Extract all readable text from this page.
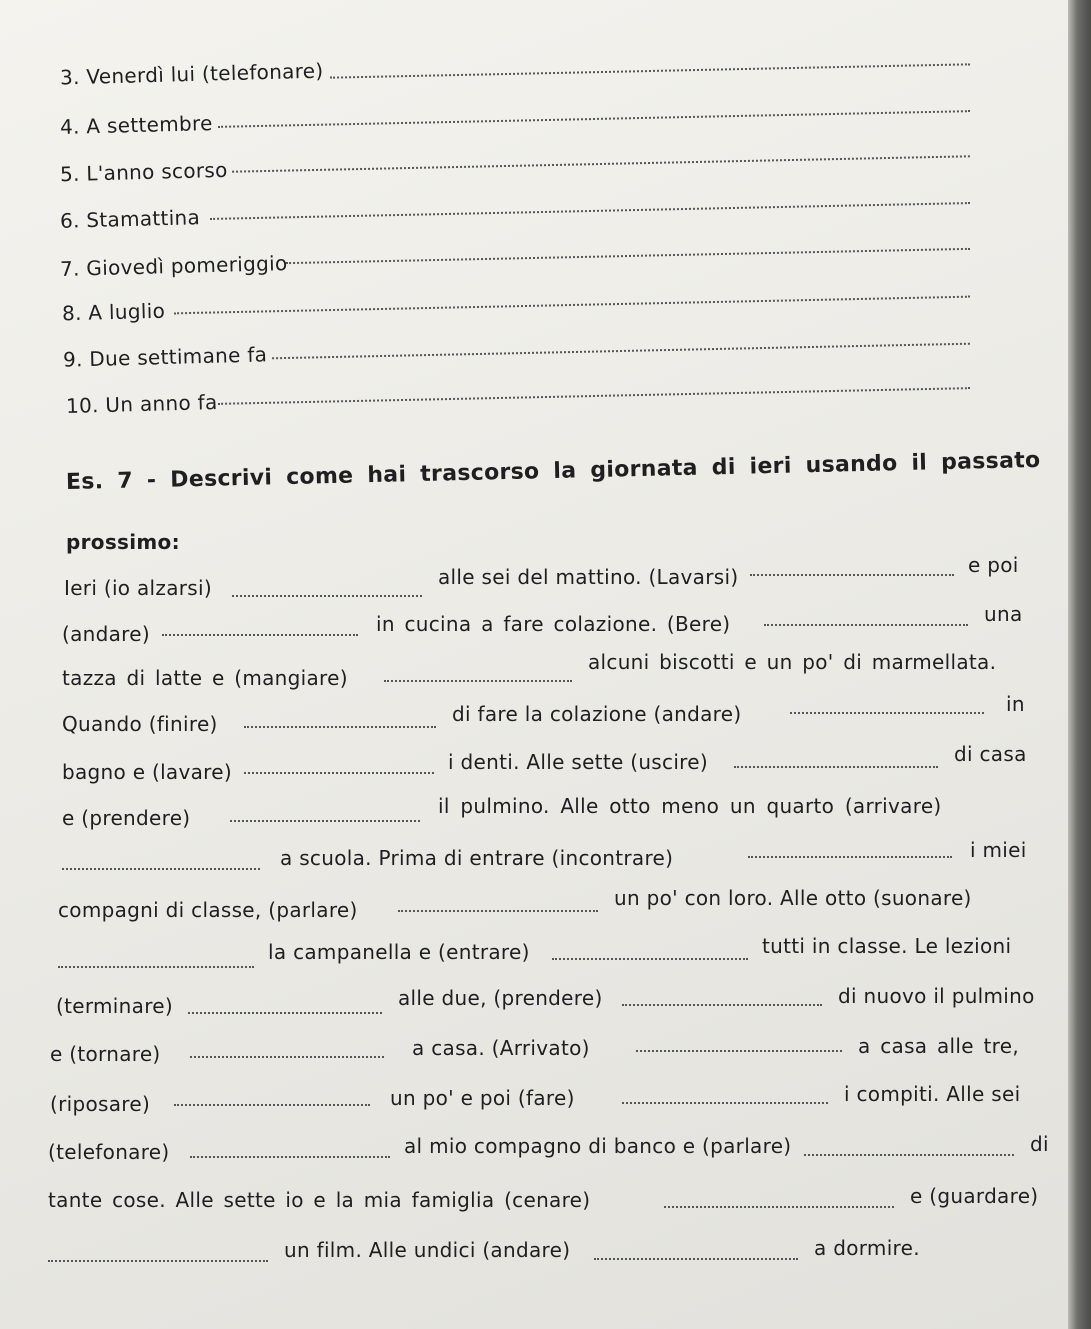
3. Venerdì lui (telefonare)
4. A settembre
5. L'anno scorso
6. Stamattina
7. Giovedì pomeriggio
8. A luglio
9. Due settimane fa
10. Un anno fa
Es. 7 - Descrivi come hai trascorso la giornata di ieri usando il passato
prossimo:
Ieri (io alzarsi)	alle sei del mattino. (Lavarsi)	e poi
(andare)	in cucina a fare colazione. (Bere)	una
tazza di latte e (mangiare)
alcuni biscotti e un po' di marmellata.
Quando (finire)	di fare la colazione (andare)	in
bagno e (lavare)	i denti. Alle sette (uscire)	di casa
e (prendere)	il pulmino. Alle otto meno un quarto (arrivare)
a scuola. Prima di entrare (incontrare)	i miei
compagni di classe, (parlare)	un po' con loro. Alle otto (suonare)
la campanella e (entrare)	tutti in classe. Le lezioni
(terminare)	alle due, (prendere)	di nuovo il pulmino
e (tornare)	a casa. (Arrivato)	a casa alle tre,
(riposare)	un po' e poi (fare)	i compiti. Alle sei
(telefonare)	al mio compagno di banco e (parlare)	di
tante cose. Alle sette io e la mia famiglia (cenare)	e (guardare)
un film. Alle undici (andare)	a dormire.
